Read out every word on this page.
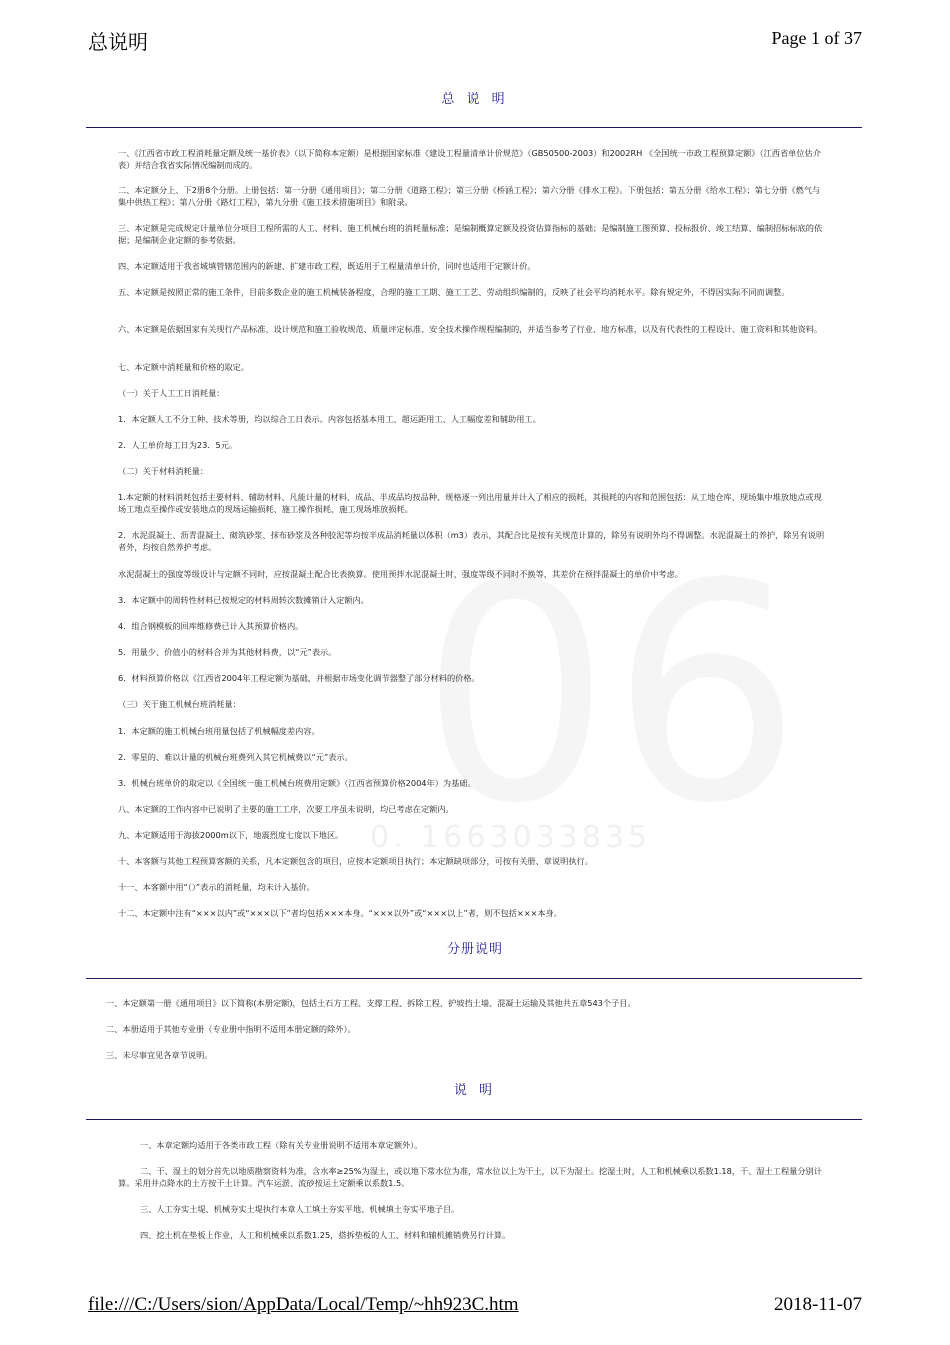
0. 1663033835
总说明	Page 1 of 37
总 说 明
一、《江西省市政工程消耗量定额及统一基价表》（以下简称本定额）是根据国家标准《建设工程量清单计价规范》（GB50500-2003）和2002RH 《全国统一市政工程预算定额》（江西省单位估介表）并结合我省实际情况编制而成的。
二、本定额分上、下2册8个分册。上册包括：第一分册《通用项目》；第二分册《道路工程》；第三分册《桥涵工程》；第六分册《排水工程》。下册包括：第五分册《给水工程》；第七分册《燃气与集中供热工程》；第八分册《路灯工程》，第九分册《施工技术措施项目》和附录。
三、本定额是完成规定计量单位分项目工程所需的人工、材料、施工机械台班的消耗量标准；是编制概算定额及投资估算指标的基础；是编制施工图预算、投标报价、竣工结算、编制招标标底的依据；是编制企业定额的参考依据。
四、本定额适用于我省城填管辖范围内的新建、扩建市政工程，既适用于工程量清单计价，同时也适用于定额计价。
五、本定额是按照正常的施工条件，目前多数企业的施工机械装备程度，合理的施工工期、施工工艺、劳动组织编制的，反映了社会平均消耗水平。除有规定外，不得因实际不同而调整。
六、本定额是依据国家有关现行产品标准、设计规范和施工验收规范、质量评定标准、安全技术操作规程编制的，并适当参考了行业、地方标准，以及有代表性的工程设计、施工资料和其他资料。
七、本定额中消耗量和价格的取定。
（一）关于人工工日消耗量：
1．本定额人工不分工种、技术等册，均以综合工日表示。内容包括基本用工、超运距用工、人工幅度差和辅助用工。
2．人工单价每工日为23．5元。
（二）关于材料消耗量：
1.本定额的材料消耗包括主要材料、辅助材料、凡能计量的材料、成品、半成品均按品种、规格逐一列出用量并计入了相应的损耗，其损耗的内容和范围包括：从工地仓库、现场集中堆放地点或现场工地点至操作或安装地点的现场运输损耗、施工操作损耗、施工现场堆放损耗。
2．水泥混凝土、沥青混凝土、砌筑砂浆、抹布砂浆及各种胶泥等均按半成品消耗量以体积（m3）表示，其配合比是按有关规范计算的，除另有说明外均不得调整。水泥混凝土的养护，除另有说明者外，均按自然养护考虑。
水泥混凝土的强度等级设计与定额不同时，应按混凝土配合比表换算。使用预拌水泥混凝土时，强度等级不同时不换等，其差价在预拌混凝土的单价中考虑。
3．本定额中的周转性材料已按规定的材料周转次数摊销计入定额内。
4．组合钢模板的回库维修费已计入其预算价格内。
5．用量少、价值小的材料合并为其他材料费，以“元”表示。
6．材料预算价格以《江西省2004年工程定额为基础，并根据市场变化调节器整了部分材料的价格。
（三）关于施工机械台班消耗量：
1．本定额的施工机械台班用量包括了机械幅度差内容。
2．零星的、难以计量的机械台班费列入其它机械费以“元”表示。
3．机械台班单价的取定以《全国统一施工机械台班费用定额》（江西省预算价格2004年）为基础。
八、本定额的工作内容中已说明了主要的施工工序，次要工序虽未说明，均已考虑在定额内。
九、本定额适用于海拔2000m以下，地震烈度七度以下地区。
十、本客额与其他工程预算客额的关系，凡本定额包含的项目，应按本定额项目执行；本定额缺项部分，可按有关册、章说明执行。
十一、本客额中用“（）”表示的消耗量，均未计入基价。
十二、本定额中注有“×××以内”或“×××以下”者均包括×××本身。“×××以外”或“×××以上”者，则不包括×××本身。
分册说明
一、本定额第一册《通用项目》以下简称(本册定额)，包括土石方工程、支撑工程、拆除工程、护坡挡土墙、混凝土运输及其他共五章543个子目。
二、本册适用于其他专业册（专业册中指明不适用本册定额的除外）。
三、未尽事宜见各章节说明。
说 明
一、本章定额均适用于各类市政工程（除有关专业册说明不适用本章定额外）。
二、干、湿土的划分首先以地质勘察资料为准，含水率≥25%为湿土，或以地下常水位为准，常水位以上为干土，以下为湿土。挖湿土时，人工和机械乘以系数1.18，干、湿土工程量分别计算。采用井点降水的土方按干土计算。汽车运淤、流砂按运土定额乘以系数1.5。
三、人工夯实土堤、机械夯实土堤执行本章人工填土夯实平地、机械填土夯实平地子目。
四、挖土机在垫板上作业，人工和机械乘以系数1.25，搭拆垫板的人工、材料和辅机摊销费另行计算。
file:///C:/Users/sion/AppData/Local/Temp/~hh923C.htm	2018-11-07
